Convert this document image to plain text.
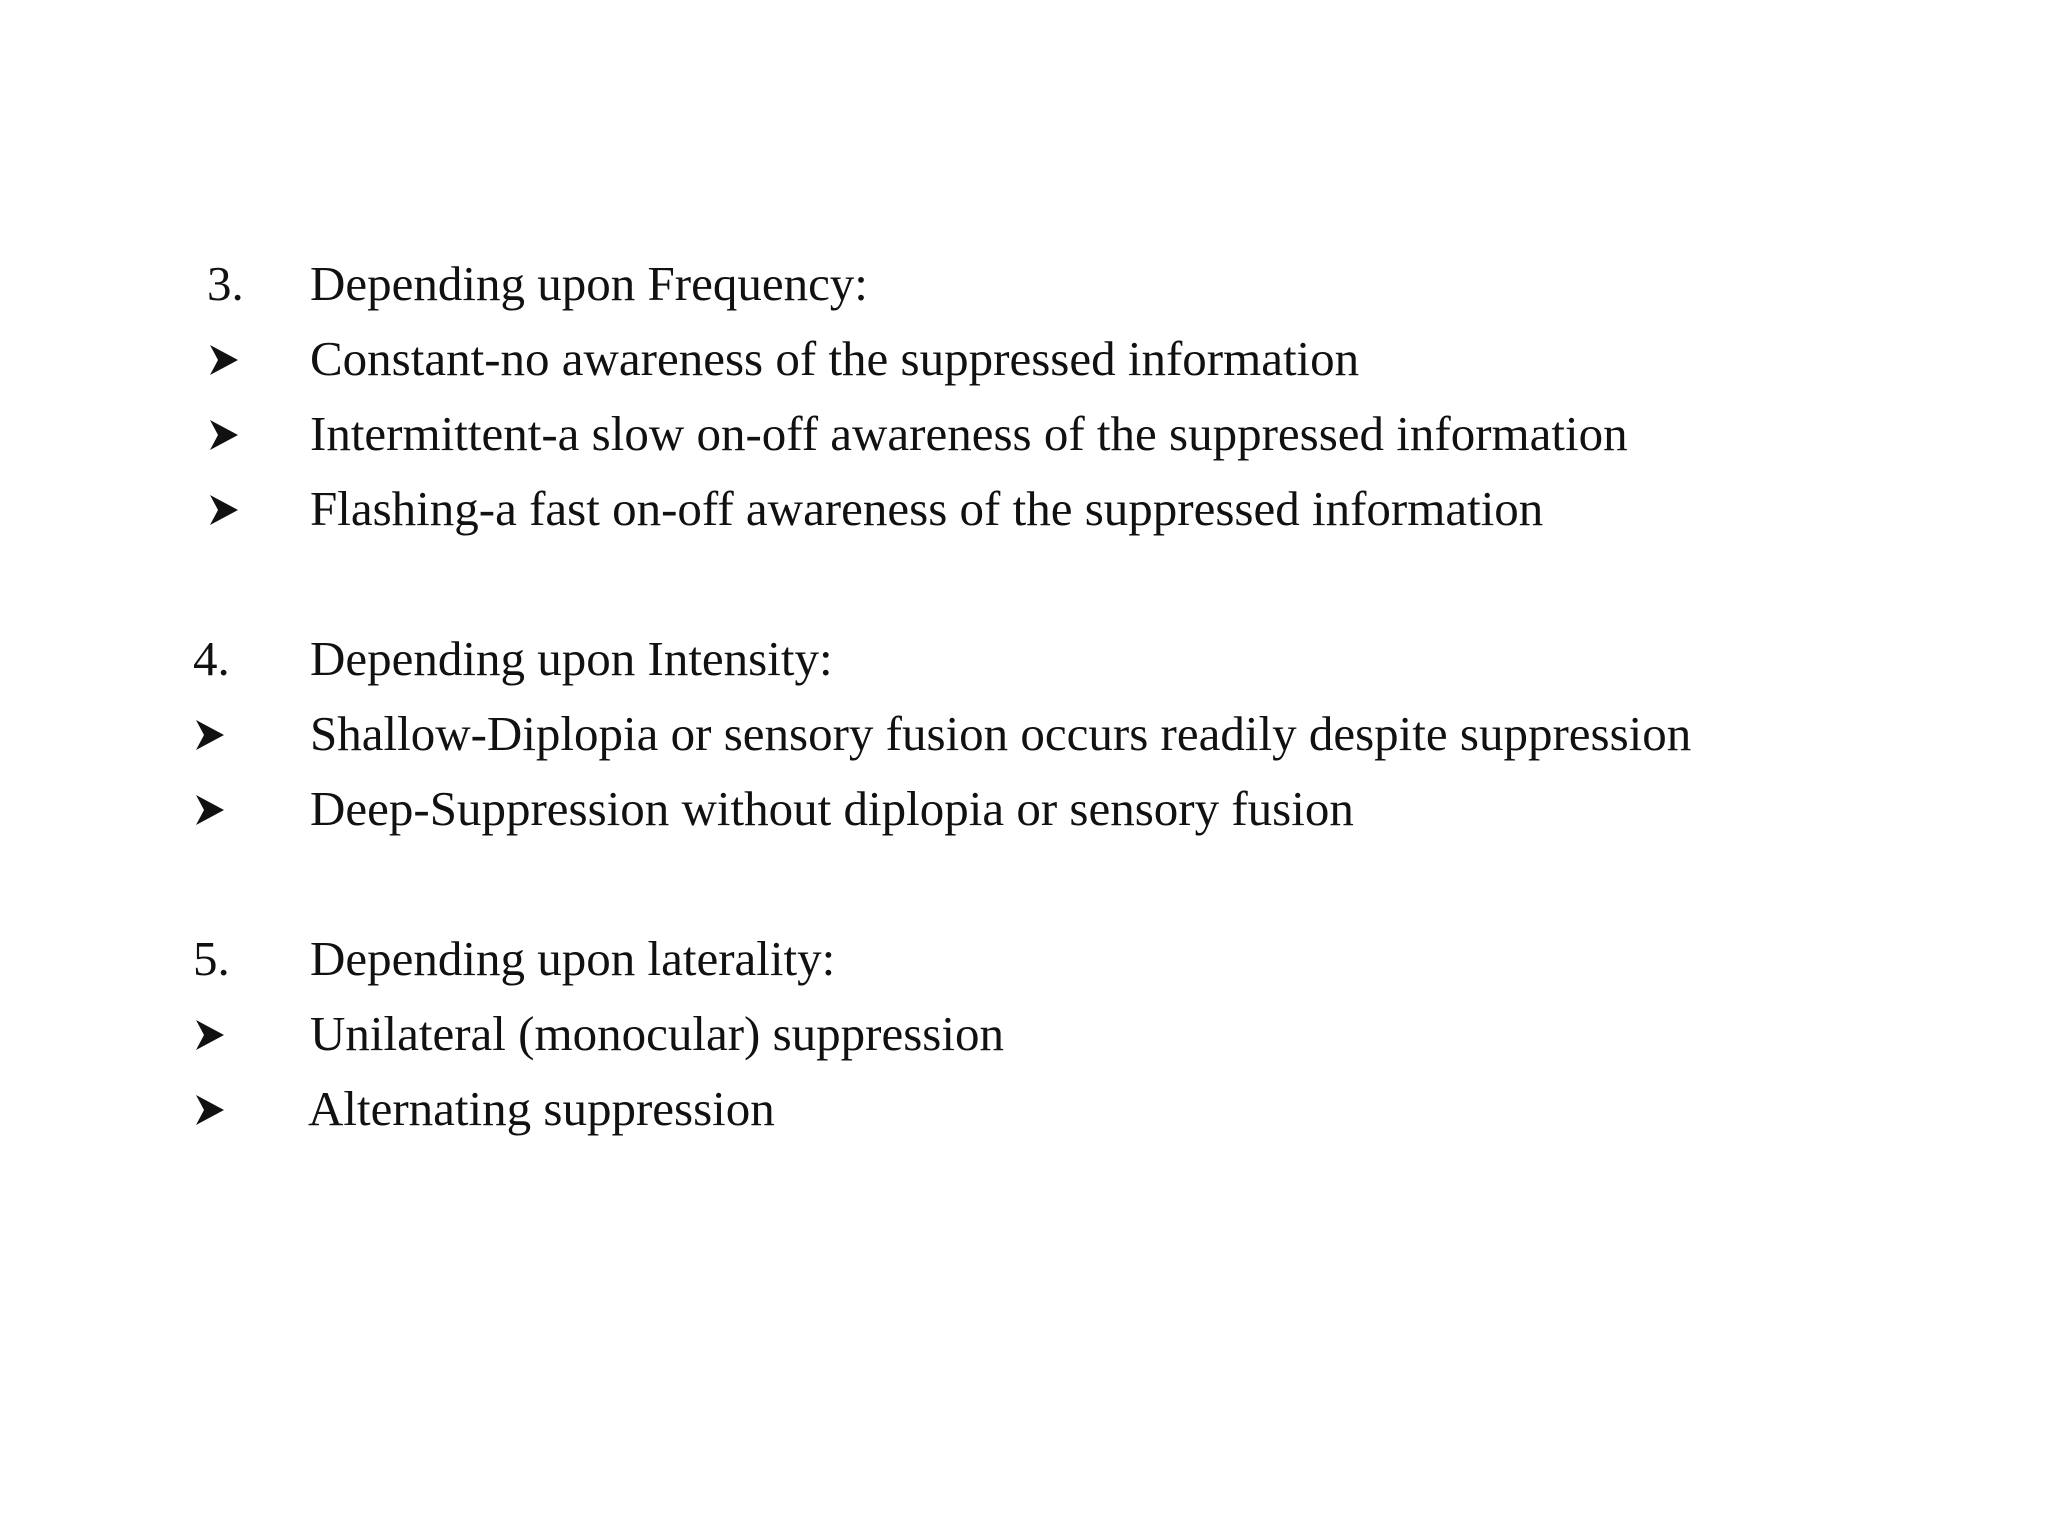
3. Depending upon Frequency:
Constant-no awareness of the suppressed information
Intermittent-a slow on-off awareness of the suppressed information
Flashing-a fast on-off awareness of the suppressed information
4. Depending upon Intensity:
Shallow-Diplopia or sensory fusion occurs readily despite suppression
Deep-Suppression without diplopia or sensory fusion
5. Depending upon laterality:
Unilateral (monocular) suppression
Alternating suppression
